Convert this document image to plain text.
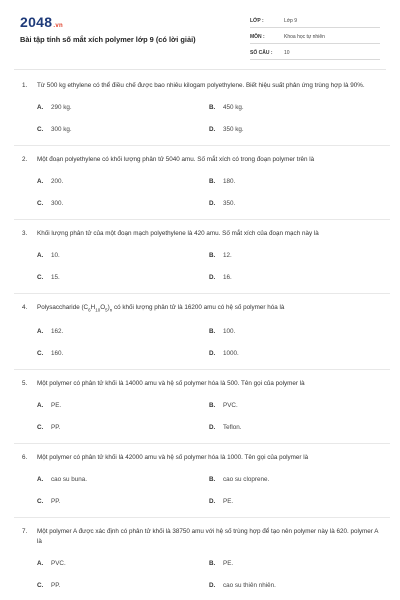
2048.vn
Bài tập tính số mắt xích polymer lớp 9 (có lời giải)
LỚP :	Lớp 9
MÔN :	Khoa học tự nhiên
SỐ CÂU :	10
1.	Từ 500 kg ethylene có thể điều chế được bao nhiêu kilogam polyethylene. Biết hiệu suất phản ứng trùng hợp là 90%.
A.	290 kg.	B.	450 kg.
C.	300 kg.	D.	350 kg.
2.	Một đoạn polyethylene có khối lượng phân tử 5040 amu. Số mắt xích có trong đoạn polymer trên là
A.	200.	B.	180.
C.	300.	D.	350.
3.	Khối lượng phân tử của một đoạn mạch polyethylene là 420 amu. Số mắt xích của đoạn mạch này là
A.	10.	B.	12.
C.	15.	D.	16.
4.	Polysaccharide $(C_6H_{10}O_5)_n$ có khối lượng phân tử là 16200 amu có hệ số polymer hóa là
A.	162.	B.	100.
C.	160.	D.	1000.
5.	Một polymer có phân tử khối là 14000 amu và hệ số polymer hóa là 500. Tên gọi của polymer là
A.	PE.	B.	PVC.
C.	PP.	D.	Teflon.
6.	Một polymer có phân tử khối là 42000 amu và hệ số polymer hóa là 1000. Tên gọi của polymer là
A.	cao su buna.	B.	cao su cloprene.
C.	PP.	D.	PE.
7.	Một polymer A được xác định có phân tử khối là 38750 amu với hệ số trùng hợp để tạo nên polymer này là 620. polymer A là
A.	PVC.	B.	PE.
C.	PP.	D.	cao su thiên nhiên.
